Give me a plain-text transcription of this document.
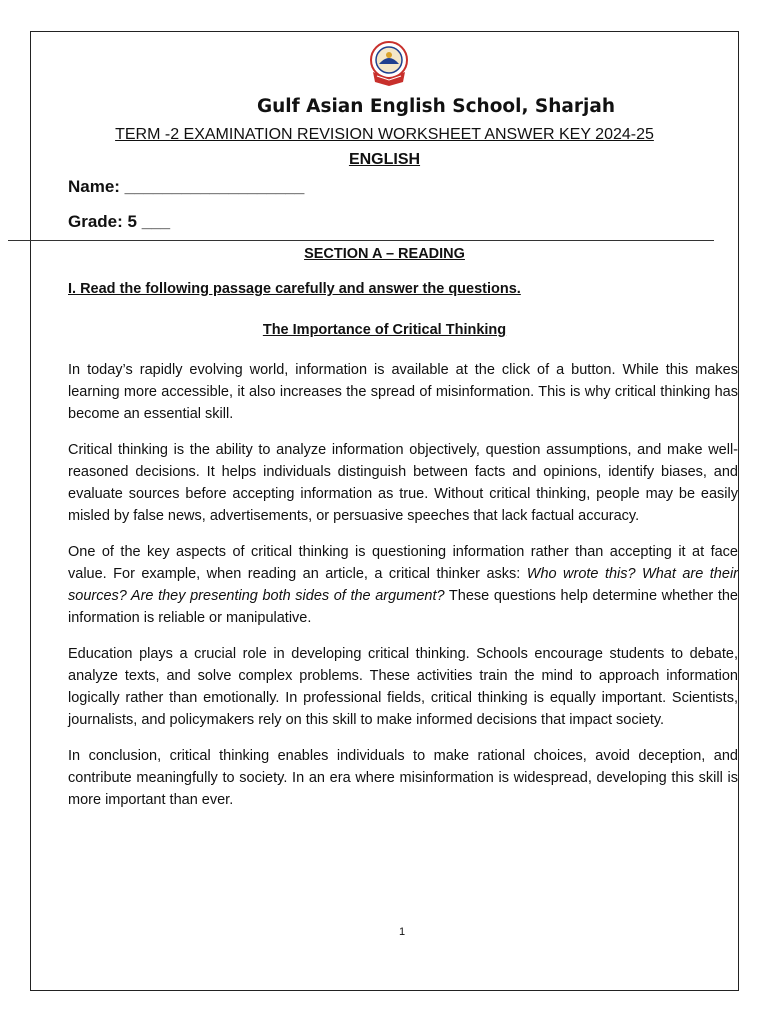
Gulf Asian English School, Sharjah
TERM -2 EXAMINATION REVISION WORKSHEET ANSWER KEY 2024-25
ENGLISH
Name: ___________________
Grade: 5 ___
SECTION A – READING
I. Read the following passage carefully and answer the questions.
The Importance of Critical Thinking

In today’s rapidly evolving world, information is available at the click of a button. While this makes learning more accessible, it also increases the spread of misinformation. This is why critical thinking has become an essential skill.

Critical thinking is the ability to analyze information objectively, question assumptions, and make well-reasoned decisions. It helps individuals distinguish between facts and opinions, identify biases, and evaluate sources before accepting information as true. Without critical thinking, people may be easily misled by false news, advertisements, or persuasive speeches that lack factual accuracy.

One of the key aspects of critical thinking is questioning information rather than accepting it at face value. For example, when reading an article, a critical thinker asks: Who wrote this? What are their sources? Are they presenting both sides of the argument? These questions help determine whether the information is reliable or manipulative.

Education plays a crucial role in developing critical thinking. Schools encourage students to debate, analyze texts, and solve complex problems. These activities train the mind to approach information logically rather than emotionally. In professional fields, critical thinking is equally important. Scientists, journalists, and policymakers rely on this skill to make informed decisions that impact society.

In conclusion, critical thinking enables individuals to make rational choices, avoid deception, and contribute meaningfully to society. In an era where misinformation is widespread, developing this skill is more important than ever.

1
